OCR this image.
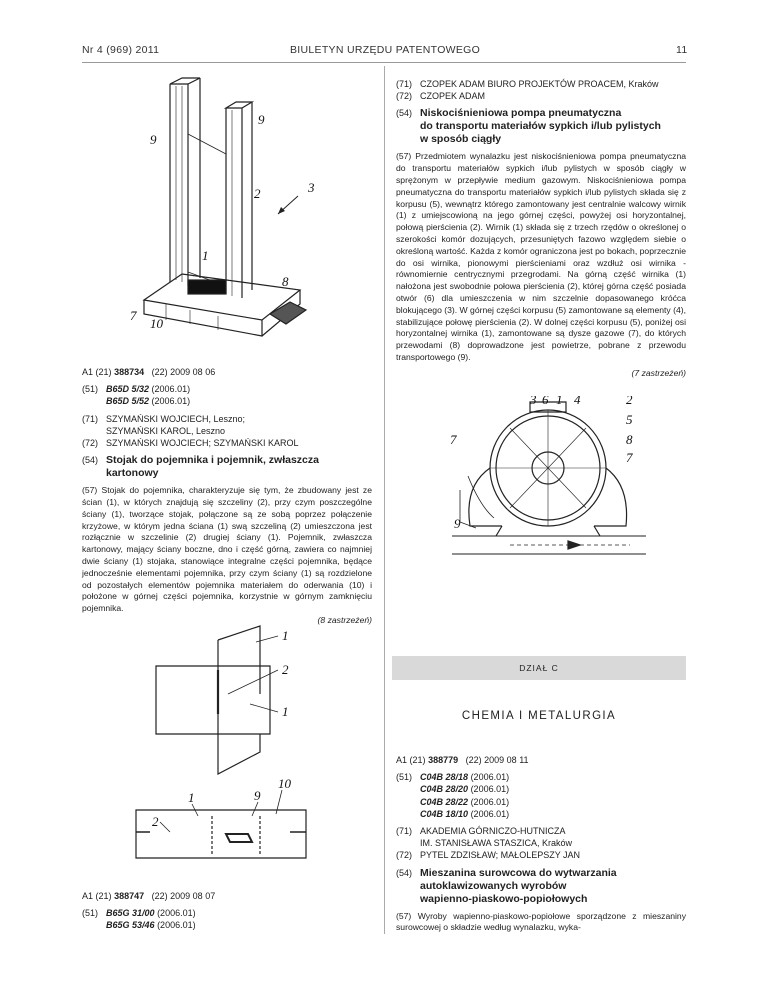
Nr 4 (969) 2011	BIULETYN URZĘDU PATENTOWEGO	11
9
9
3
2
1
8
7
10
A1
(21)
388734
(22)
2009 08 06
(51) B65D 5/32 (2006.01)
B65D 5/52 (2006.01)
(71) SZYMAŃSKI WOJCIECH, Leszno;
SZYMAŃSKI KAROL, Leszno
(72) SZYMAŃSKI WOJCIECH; SZYMAŃSKI KAROL
(54) Stojak do pojemnika i pojemnik, zwłaszcza
kartonowy
(57) Stojak do pojemnika, charakteryzuje się tym, że zbudowany jest ze ścian (1), w których znajdują się szczeliny (2), przy czym poszczególne ściany (1), tworzące stojak, połączone są ze sobą poprzez połączenie krzyżowe, w którym jedna ściana (1) swą szczeliną (2) umieszczona jest rozłącznie w szczelinie (2) drugiej ściany (1). Pojemnik, zwłaszcza kartonowy, mający ściany boczne, dno i część górną, zawiera co najmniej dwie ściany (1) stojaka, stanowiące integralne części pojemnika, będące jednocześnie elementami pojemnika, przy czym ściany (1) są rozdzielone od pozostałych elementów pojemnika materiałem do oderwania (10) i położone w górnej części pojemnika, korzystnie w górnym zamknięciu pojemnika.
(8 zastrzeżeń)
1
2
1
9
10
2
1
A1
(21)
388747
(22)
2009 08 07
(51) B65G 31/00 (2006.01)
B65G 53/46 (2006.01)
(71) CZOPEK ADAM BIURO PROJEKTÓW PROACEM, Kraków
(72) CZOPEK ADAM
(54) Niskociśnieniowa pompa pneumatyczna
do transportu materiałów sypkich i/lub pylistych
w sposób ciągły
(57) Przedmiotem wynalazku jest niskociśnieniowa pompa pneumatyczna do transportu materiałów sypkich i/lub pylistych w sposób ciągły w sprężonym w przepływie medium gazowym. Niskociśnieniowa pompa pneumatyczna do transportu materiałów sypkich i/lub pylistych składa się z korpusu (5), wewnątrz którego zamontowany jest centralnie walcowy wirnik (1) z umiejscowioną na jego górnej części, powyżej osi horyzontalnej, połową pierścienia (2). Wirnik (1) składa się z trzech rzędów o określonej o szerokości komór dozujących, przesuniętych fazowo względem siebie o określoną wartość. Każda z komór ograniczona jest po bokach, poprzecznie do osi wirnika, pionowymi pierścieniami oraz wzdłuż osi wirnika - równomiernie centrycznymi przegrodami. Na górną część wirnika (1) nałożona jest swobodnie połowa pierścienia (2), której górna część posiada otwór (6) dla umieszczenia w nim szczelnie dopasowanego króćca blokującego (3). W górnej części korpusu (5) zamontowane są elementy (4), stabilizujące połowę pierścienia (2). W dolnej części korpusu (5), poniżej osi horyzontalnej wirnika (1), zamontowane są dysze gazowe (7), do których przewodami (8) doprowadzone jest powietrze, pobrane z przewodu transportowego (9).
(7 zastrzeżeń)
3 6 1 4	2
5
7	8
7
9
DZIAŁ C
CHEMIA I METALURGIA
A1
(21)
388779
(22)
2009 08 11
(51) C04B 28/18 (2006.01)
C04B 28/20 (2006.01)
C04B 28/22 (2006.01)
C04B 18/10 (2006.01)
(71) AKADEMIA GÓRNICZO-HUTNICZA
IM. STANISŁAWA STASZICA, Kraków
(72) PYTEL ZDZISŁAW; MAŁOLEPSZY JAN
(54) Mieszanina surowcowa do wytwarzania
autoklawizowanych wyrobów
wapienno-piaskowo-popiołowych
(57) Wyroby wapienno-piaskowo-popiołowe sporządzone z mieszaniny surowcowej o składzie według wynalazku, wyka-
